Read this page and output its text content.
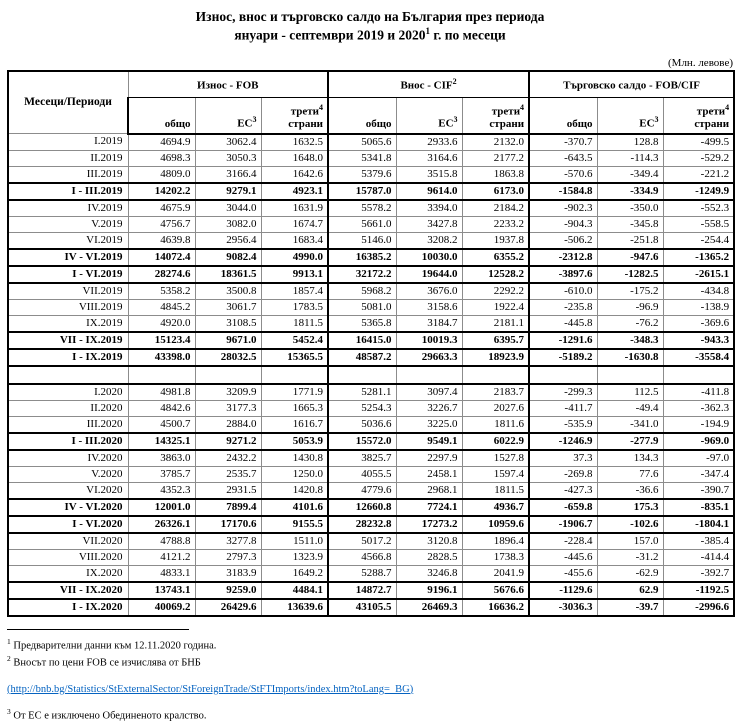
Износ, внос и търговско салдо на България през периода
януари - септември 2019 и 2020$^1$ г. по месеци
(Млн. левове)
Месеци/Периоди	Износ - FOB			Внос - CIF$^2$			Търговско салдо - FOB/CIF		
	общо	$ЕС^3$	трети$^4$
страни	общо	$ЕС^3$	трети$^4$
страни	общо	$ЕС^3$	трети$^4$
страни
I.2019	4694.9	3062.4	1632.5	5065.6	2933.6	2132.0	-370.7	128.8	-499.5
II.2019	4698.3	3050.3	1648.0	5341.8	3164.6	2177.2	-643.5	-114.3	-529.2
III.2019	4809.0	3166.4	1642.6	5379.6	3515.8	1863.8	-570.6	-349.4	-221.2
I - III.2019	14202.2	9279.1	4923.1	15787.0	9614.0	6173.0	-1584.8	-334.9	-1249.9
IV.2019	4675.9	3044.0	1631.9	5578.2	3394.0	2184.2	-902.3	-350.0	-552.3
V.2019	4756.7	3082.0	1674.7	5661.0	3427.8	2233.2	-904.3	-345.8	-558.5
VI.2019	4639.8	2956.4	1683.4	5146.0	3208.2	1937.8	-506.2	-251.8	-254.4
IV - VI.2019	14072.4	9082.4	4990.0	16385.2	10030.0	6355.2	-2312.8	-947.6	-1365.2
I - VI.2019	28274.6	18361.5	9913.1	32172.2	19644.0	12528.2	-3897.6	-1282.5	-2615.1
VII.2019	5358.2	3500.8	1857.4	5968.2	3676.0	2292.2	-610.0	-175.2	-434.8
VIII.2019	4845.2	3061.7	1783.5	5081.0	3158.6	1922.4	-235.8	-96.9	-138.9
IX.2019	4920.0	3108.5	1811.5	5365.8	3184.7	2181.1	-445.8	-76.2	-369.6
VII - IX.2019	15123.4	9671.0	5452.4	16415.0	10019.3	6395.7	-1291.6	-348.3	-943.3
I - IX.2019	43398.0	28032.5	15365.5	48587.2	29663.3	18923.9	-5189.2	-1630.8	-3558.4

I.2020	4981.8	3209.9	1771.9	5281.1	3097.4	2183.7	-299.3	112.5	-411.8
II.2020	4842.6	3177.3	1665.3	5254.3	3226.7	2027.6	-411.7	-49.4	-362.3
III.2020	4500.7	2884.0	1616.7	5036.6	3225.0	1811.6	-535.9	-341.0	-194.9
I - III.2020	14325.1	9271.2	5053.9	15572.0	9549.1	6022.9	-1246.9	-277.9	-969.0
IV.2020	3863.0	2432.2	1430.8	3825.7	2297.9	1527.8	37.3	134.3	-97.0
V.2020	3785.7	2535.7	1250.0	4055.5	2458.1	1597.4	-269.8	77.6	-347.4
VI.2020	4352.3	2931.5	1420.8	4779.6	2968.1	1811.5	-427.3	-36.6	-390.7
IV - VI.2020	12001.0	7899.4	4101.6	12660.8	7724.1	4936.7	-659.8	175.3	-835.1
I - VI.2020	26326.1	17170.6	9155.5	28232.8	17273.2	10959.6	-1906.7	-102.6	-1804.1
VII.2020	4788.8	3277.8	1511.0	5017.2	3120.8	1896.4	-228.4	157.0	-385.4
VIII.2020	4121.2	2797.3	1323.9	4566.8	2828.5	1738.3	-445.6	-31.2	-414.4
IX.2020	4833.1	3183.9	1649.2	5288.7	3246.8	2041.9	-455.6	-62.9	-392.7
VII - IX.2020	13743.1	9259.0	4484.1	14872.7	9196.1	5676.6	-1129.6	62.9	-1192.5
I - IX.2020	40069.2	26429.6	13639.6	43105.5	26469.3	16636.2	-3036.3	-39.7	-2996.6
$^1$ Предварителни данни към 12.11.2020 година.
$^2$ Вносът по цени FOB се изчислява от БНБ
(http://bnb.bg/Statistics/StExternalSector/StForeignTrade/StFTImports/index.htm?toLang=_BG)
$^3$ От ЕС е изключено Обединеното кралство.
